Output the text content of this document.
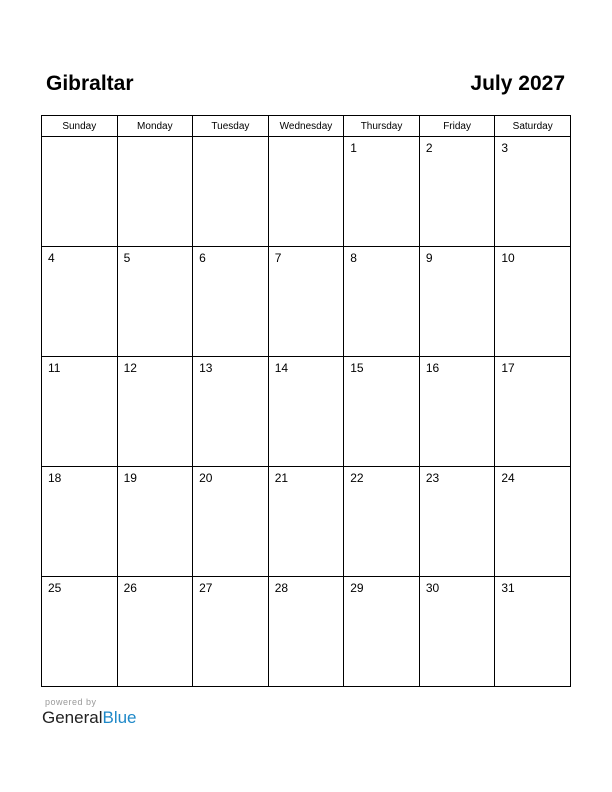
Gibraltar	July 2027
Sunday	Monday	Tuesday	Wednesday	Thursday	Friday	Saturday

				1	2	3

4	5	6	7	8	9	10

11	12	13	14	15	16	17

18	19	20	21	22	23	24

25	26	27	28	29	30	31
powered by
GeneralBlue
